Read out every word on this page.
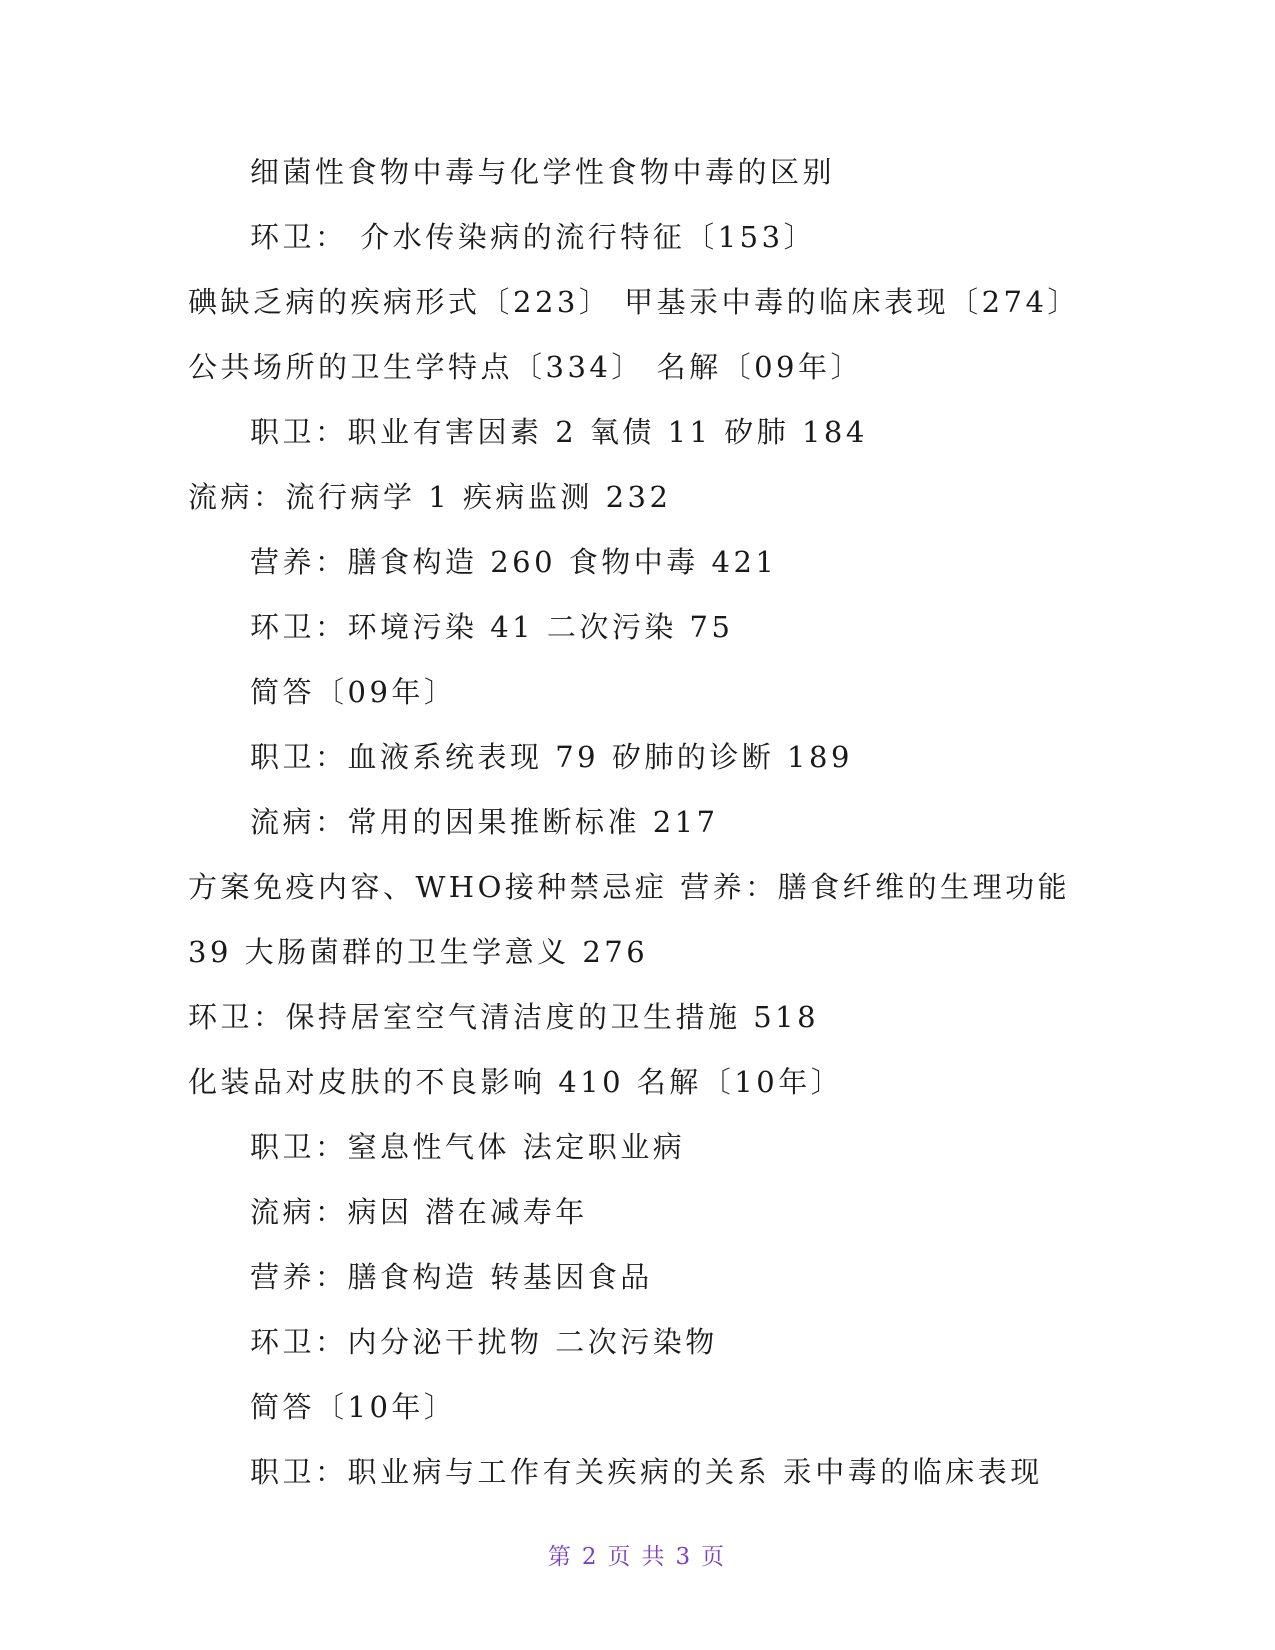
细菌性食物中毒与化学性食物中毒的区别
环卫： 介水传染病的流行特征〔153〕
碘缺乏病的疾病形式〔223〕 甲基汞中毒的临床表现〔274〕
公共场所的卫生学特点〔334〕 名解〔09年〕
职卫：职业有害因素 2 氧债 11 矽肺 184
流病：流行病学 1 疾病监测 232
营养：膳食构造 260 食物中毒 421
环卫：环境污染 41 二次污染 75
简答〔09年〕
职卫：血液系统表现 79 矽肺的诊断 189
流病：常用的因果推断标准 217
方案免疫内容、WHO接种禁忌症 营养：膳食纤维的生理功能
39 大肠菌群的卫生学意义 276
环卫：保持居室空气清洁度的卫生措施 518
化装品对皮肤的不良影响 410 名解〔10年〕
职卫：窒息性气体 法定职业病
流病：病因 潜在减寿年
营养：膳食构造 转基因食品
环卫：内分泌干扰物 二次污染物
简答〔10年〕
职卫：职业病与工作有关疾病的关系 汞中毒的临床表现
第 2 页 共 3 页
